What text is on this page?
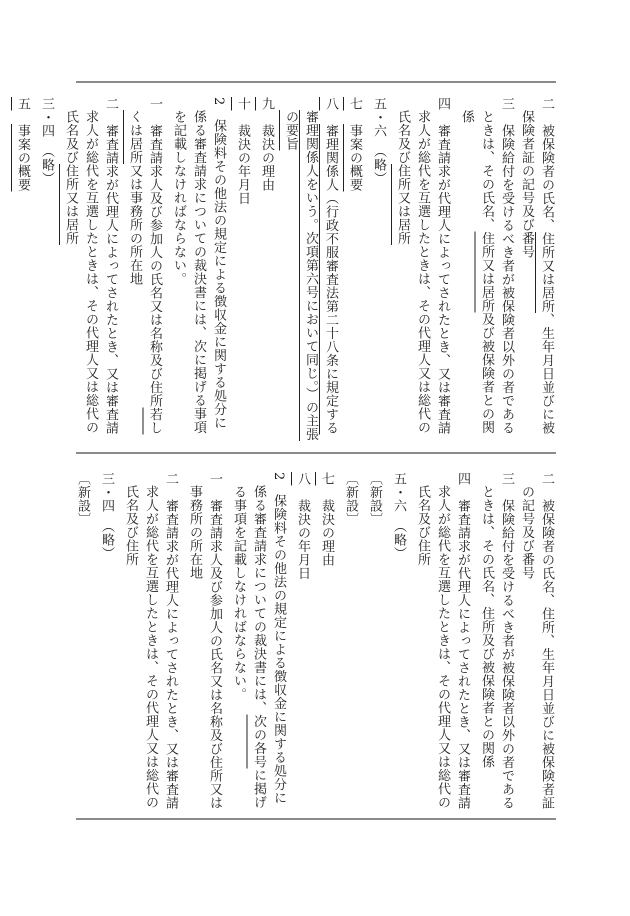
二　被保険者の氏名、住所又は居所、生年月日並びに被保険者証の記号及び番号

三　保険給付を受けるべき者が被保険者以外の者であるときは、その氏名、住所又は居所及び被保険者との関係

四　審査請求が代理人によってされたとき、又は審査請求人が総代を互選したときは、その代理人又は総代の氏名及び住所又は居所

五・六　（略）

七　事案の概要

八　審理関係人（行政不服審査法第二十八条に規定する審理関係人をいう。次項第六号において同じ。）の主張の要旨

九　裁決の理由

十　裁決の年月日

2　保険料その他法の規定による徴収金に関する処分に係る審査請求についての裁決書には、次に掲げる事項を記載しなければならない。

一　審査請求人及び参加人の氏名又は名称及び住所若しくは居所又は事務所の所在地

二　審査請求が代理人によってされたとき、又は審査請求人が総代を互選したときは、その代理人又は総代の氏名及び住所又は居所

三・四　（略）

五　事案の概要

二　被保険者の氏名、住所、生年月日並びに被保険者証の記号及び番号

三　保険給付を受けるべき者が被保険者以外の者であるときは、その氏名、住所及び被保険者との関係

四　審査請求が代理人によってされたとき、又は審査請求人が総代を互選したときは、その代理人又は総代の氏名及び住所

五・六　（略）

〔新設〕

〔新設〕

七　裁決の理由

八　裁決の年月日

2　保険料その他法の規定による徴収金に関する処分に係る審査請求についての裁決書には、次の各号に掲げる事項を記載しなければならない。

一　審査請求人及び参加人の氏名又は名称及び住所又は事務所の所在地

二　審査請求が代理人によってされたとき、又は審査請求人が総代を互選したときは、その代理人又は総代の氏名及び住所

三・四　（略）

〔新設〕
